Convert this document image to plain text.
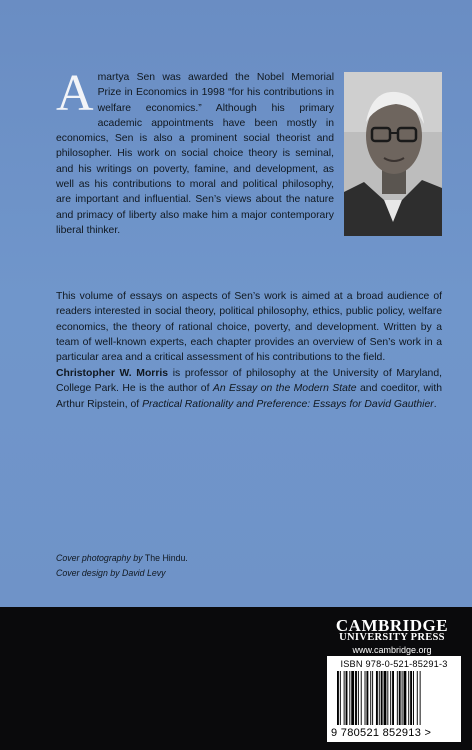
Amartya Sen was awarded the Nobel Memorial Prize in Economics in 1998 “for his contributions in welfare economics.” Although his primary academic appointments have been mostly in economics, Sen is also a prominent social theorist and philosopher. His work on social choice theory is seminal, and his writings on poverty, famine, and development, as well as his contributions to moral and political philosophy, are important and influential. Sen’s views about the nature and primacy of liberty also make him a major contemporary liberal thinker.

This volume of essays on aspects of Sen’s work is aimed at a broad audience of readers interested in social theory, political philosophy, ethics, public policy, welfare economics, the theory of rational choice, poverty, and development. Written by a team of well-known experts, each chapter provides an overview of Sen’s work in a particular area and a critical assessment of his contributions to the field.

Christopher W. Morris is professor of philosophy at the University of Maryland, College Park. He is the author of An Essay on the Modern State and coeditor, with Arthur Ripstein, of Practical Rationality and Preference: Essays for David Gauthier.

Cover photography by The Hindu.
Cover design by David Levy
CAMBRIDGE
UNIVERSITY PRESS
www.cambridge.org
ISBN 978-0-521-85291-3
9 780521 852913 >
